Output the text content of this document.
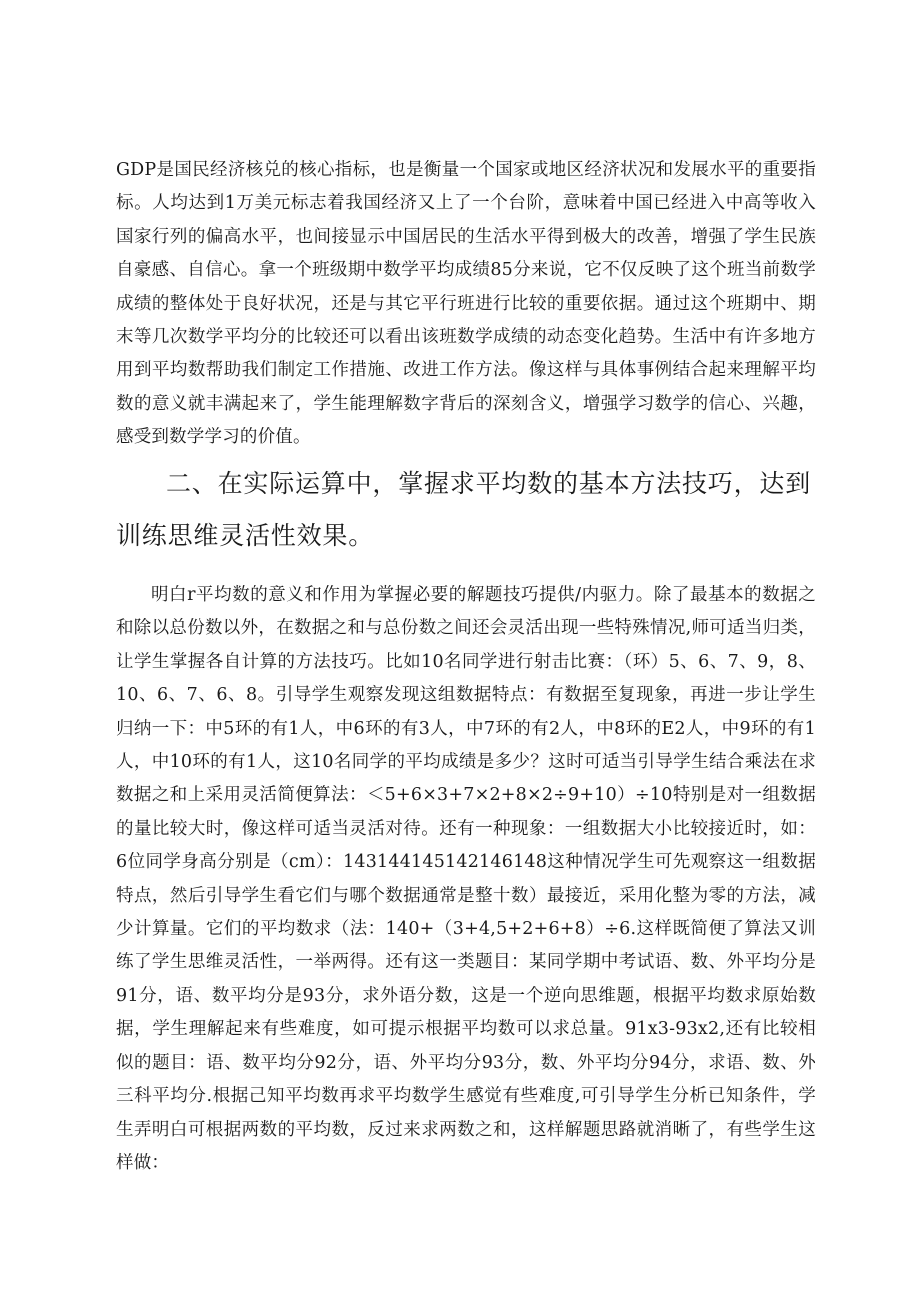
GDP是国民经济核兑的核心指标，也是衡量一个国家或地区经济状况和发展水平的重要指标。人均达到1万美元标志着我国经济又上了一个台阶，意味着中国已经进入中高等收入国家行列的偏高水平，也间接显示中国居民的生活水平得到极大的改善，增强了学生民族自豪感、自信心。拿一个班级期中数学平均成绩85分来说，它不仅反映了这个班当前数学成绩的整体处于良好状况，还是与其它平行班进行比较的重要依据。通过这个班期中、期末等几次数学平均分的比较还可以看出该班数学成绩的动态变化趋势。生活中有许多地方用到平均数帮助我们制定工作措施、改进工作方法。像这样与具体事例结合起来理解平均数的意义就丰满起来了，学生能理解数字背后的深刻含义，增强学习数学的信心、兴趣，感受到数学学习的价值。

二、在实际运算中，掌握求平均数的基本方法技巧，达到训练思维灵活性效果。

明白r平均数的意义和作用为掌握必要的解题技巧提供/内驱力。除了最基本的数据之和除以总份数以外，在数据之和与总份数之间还会灵活出现一些特殊情况,师可适当归类，让学生掌握各自计算的方法技巧。比如10名同学进行射击比赛：（环）5、6、7、9，8、10、6、7、6、8。引导学生观察发现这组数据特点：有数据至复现象，再进一步让学生归纳一下：中5环的有1人，中6环的有3人，中7环的有2人，中8环的E2人，中9环的有1人，中10环的有1人，这10名同学的平均成绩是多少？这时可适当引导学生结合乘法在求数据之和上采用灵活简便算法：＜5+6×3+7×2+8×2÷9+10）÷10特别是对一组数据的量比较大时，像这样可适当灵活对待。还有一种现象：一组数据大小比较接近时，如：6位同学身高分别是（cm）：143144145142146148这种情况学生可先观察这一组数据特点，然后引导学生看它们与哪个数据通常是整十数）最接近，采用化整为零的方法，减少计算量。它们的平均数求（法：140+（3+4,5+2+6+8）÷6.这样既简便了算法又训练了学生思维灵活性，一举两得。还有这一类题目：某同学期中考试语、数、外平均分是91分，语、数平均分是93分，求外语分数，这是一个逆向思维题，根据平均数求原始数据，学生理解起来有些难度，如可提示根据平均数可以求总量。91x3-93x2,还有比较相似的题目：语、数平均分92分，语、外平均分93分，数、外平均分94分，求语、数、外三科平均分.根据己知平均数再求平均数学生感觉有些难度,可引导学生分析已知条件，学生弄明白可根据两数的平均数，反过来求两数之和，这样解题思路就消晰了，有些学生这样做：
